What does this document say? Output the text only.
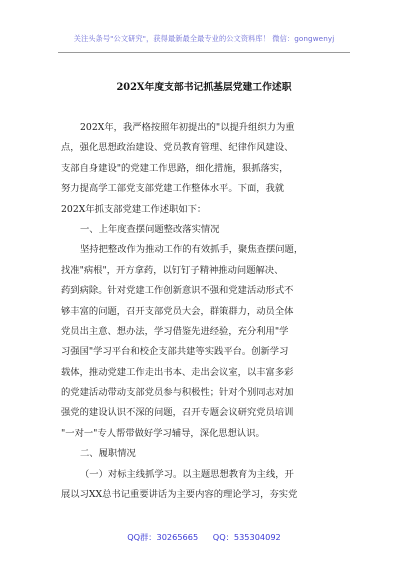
关注头条号"公文研究"，获得最新最全最专业的公文资料库！ 微信：gongwenyj
202X年度支部书记抓基层党建工作述职
202X年，我严格按照年初提出的"以提升组织力为重
点，强化思想政治建设、党员教育管理、纪律作风建设、
支部自身建设"的党建工作思路，细化措施，狠抓落实，
努力提高学工部党支部党建工作整体水平。下面，我就
202X年抓支部党建工作述职如下：
一、上年度查摆问题整改落实情况
坚持把整改作为推动工作的有效抓手，聚焦查摆问题，
找准"病根"，开方拿药，以钉钉子精神推动问题解决、
药到病除。针对党建工作创新意识不强和党建活动形式不
够丰富的问题，召开支部党员大会，群策群力，动员全体
党员出主意、想办法，学习借鉴先进经验，充分利用"学
习强国"学习平台和校企支部共建等实践平台。创新学习
载体，推动党建工作走出书本、走出会议室，以丰富多彩
的党建活动带动支部党员参与积极性；针对个别同志对加
强党的建设认识不深的问题，召开专题会议研究党员培训
"一对一"专人帮带做好学习辅导，深化思想认识。
二、履职情况
（一）对标主线抓学习。以主题思想教育为主线，开
展以习XX总书记重要讲话为主要内容的理论学习，夯实党
QQ群：30265665 QQ：535304092
